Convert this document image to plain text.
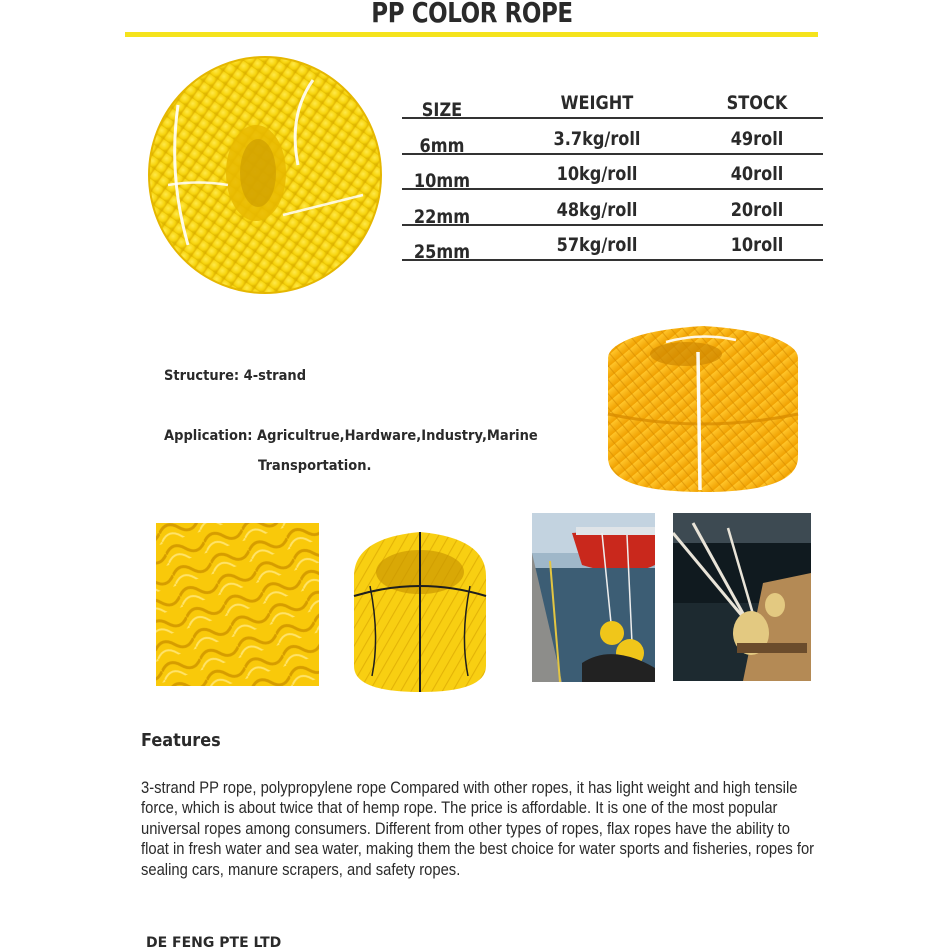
PP COLOR ROPE
SIZE	WEIGHT	STOCK
6mm	3.7kg/roll	49roll
10mm	10kg/roll	40roll
22mm	48kg/roll	20roll
25mm	57kg/roll	10roll
Structure: 4-strand
Application: Agricultrue,Hardware,Industry,Marine
Transportation.
Features
3-strand PP rope, polypropylene rope Compared with other ropes, it has light weight and high tensile force, which is about twice that of hemp rope. The price is affordable. It is one of the most popular universal ropes among consumers. Different from other types of ropes, flax ropes have the ability to float in fresh water and sea water, making them the best choice for water sports and fisheries, ropes for sealing cars, manure scrapers, and safety ropes.
DE FENG PTE LTD
